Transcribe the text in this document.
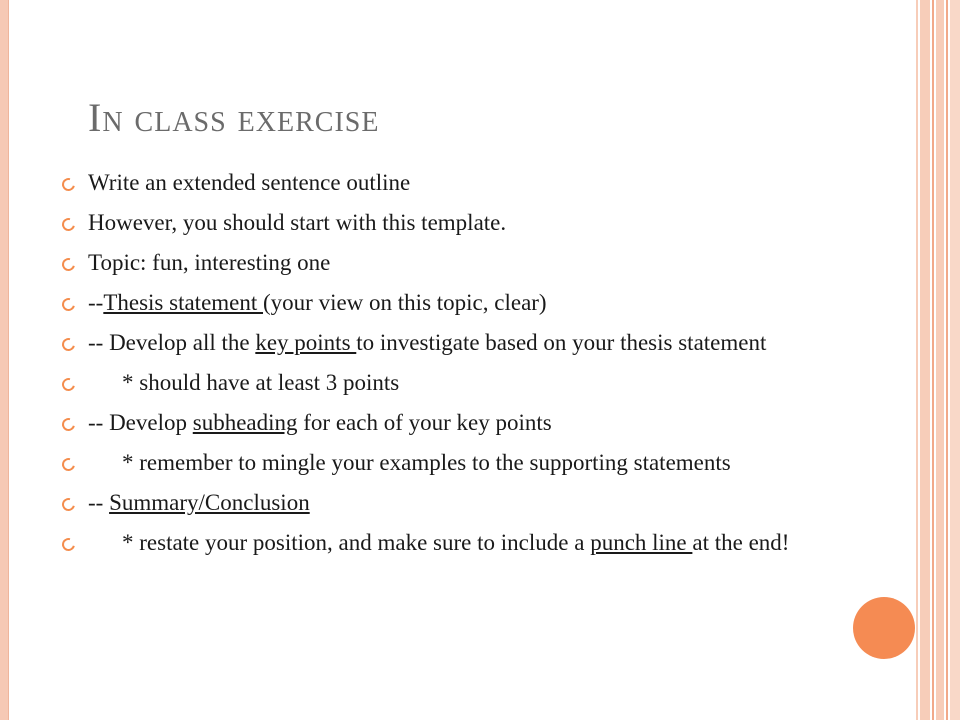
In class exercise
Write an extended sentence outline
However, you should start with this template.
Topic: fun, interesting one
--Thesis statement (your view on this topic, clear)
-- Develop all the key points to investigate based on your thesis statement
* should have at least 3 points
-- Develop subheading for each of your key points
* remember to mingle your examples to the supporting statements
-- Summary/Conclusion
* restate your position, and make sure to include a punch line at the end!
